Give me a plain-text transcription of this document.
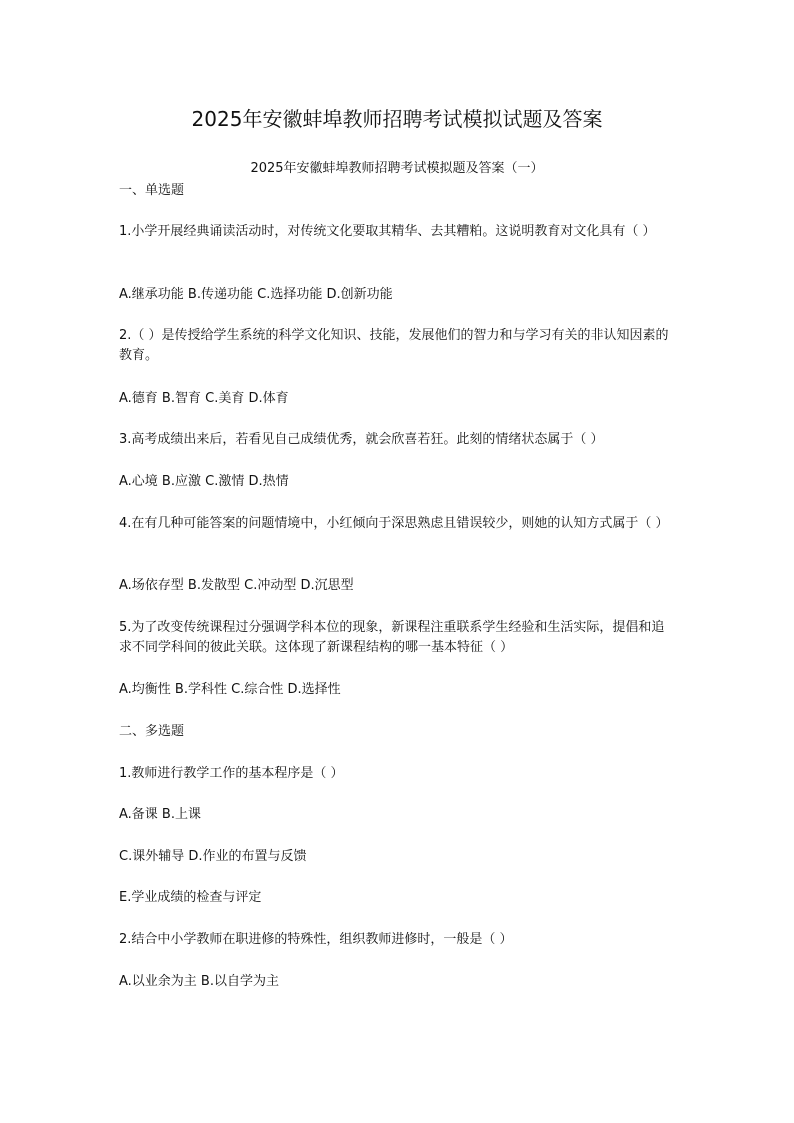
2025年安徽蚌埠教师招聘考试模拟试题及答案
2025年安徽蚌埠教师招聘考试模拟题及答案（一）
一、单选题
1.小学开展经典诵读活动时，对传统文化要取其精华、去其糟粕。这说明教育对文化具有（ ）
A.继承功能 B.传递功能 C.选择功能 D.创新功能
2.（ ）是传授给学生系统的科学文化知识、技能，发展他们的智力和与学习有关的非认知因素的教育。
A.德育 B.智育 C.美育 D.体育
3.高考成绩出来后，若看见自己成绩优秀，就会欣喜若狂。此刻的情绪状态属于（ ）
A.心境 B.应激 C.激情 D.热情
4.在有几种可能答案的问题情境中，小红倾向于深思熟虑且错误较少，则她的认知方式属于（ ）
A.场依存型 B.发散型 C.冲动型 D.沉思型
5.为了改变传统课程过分强调学科本位的现象，新课程注重联系学生经验和生活实际，提倡和追求不同学科间的彼此关联。这体现了新课程结构的哪一基本特征（ ）
A.均衡性 B.学科性 C.综合性 D.选择性
二、多选题
1.教师进行教学工作的基本程序是（ ）
A.备课 B.上课
C.课外辅导 D.作业的布置与反馈
E.学业成绩的检查与评定
2.结合中小学教师在职进修的特殊性，组织教师进修时，一般是（ ）
A.以业余为主 B.以自学为主
